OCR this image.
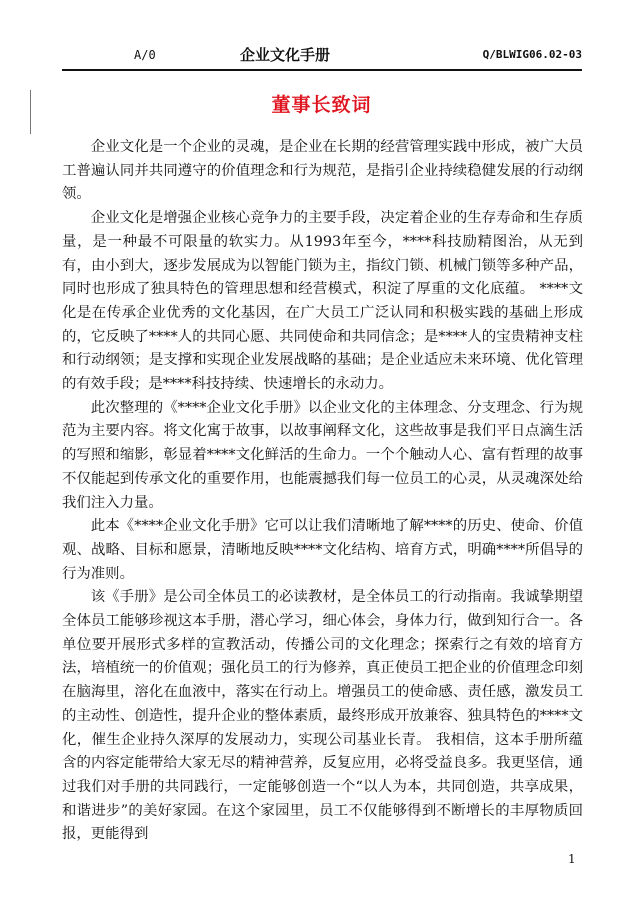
A/0	企业文化手册	Q/BLWIG06.02-03
董事长致词

企业文化是一个企业的灵魂，是企业在长期的经营管理实践中形成，被广大员工普遍认同并共同遵守的价值理念和行为规范，是指引企业持续稳健发展的行动纲领。

企业文化是增强企业核心竞争力的主要手段，决定着企业的生存寿命和生存质量，是一种最不可限量的软实力。从1993年至今，****科技励精图治，从无到有，由小到大，逐步发展成为以智能门锁为主，指纹门锁、机械门锁等多种产品，同时也形成了独具特色的管理思想和经营模式，积淀了厚重的文化底蕴。 ****文化是在传承企业优秀的文化基因，在广大员工广泛认同和积极实践的基础上形成的，它反映了****人的共同心愿、共同使命和共同信念；是****人的宝贵精神支柱和行动纲领；是支撑和实现企业发展战略的基础；是企业适应未来环境、优化管理的有效手段；是****科技持续、快速增长的永动力。

此次整理的《****企业文化手册》以企业文化的主体理念、分支理念、行为规范为主要内容。将文化寓于故事，以故事阐释文化，这些故事是我们平日点滴生活的写照和缩影，彰显着****文化鲜活的生命力。一个个触动人心、富有哲理的故事不仅能起到传承文化的重要作用，也能震撼我们每一位员工的心灵，从灵魂深处给我们注入力量。

此本《****企业文化手册》它可以让我们清晰地了解****的历史、使命、价值观、战略、目标和愿景，清晰地反映****文化结构、培育方式，明确****所倡导的行为准则。

该《手册》是公司全体员工的必读教材，是全体员工的行动指南。我诚挚期望全体员工能够珍视这本手册，潜心学习，细心体会，身体力行，做到知行合一。各单位要开展形式多样的宣教活动，传播公司的文化理念；探索行之有效的培育方法，培植统一的价值观；强化员工的行为修养，真正使员工把企业的价值理念印刻在脑海里，溶化在血液中，落实在行动上。增强员工的使命感、责任感，激发员工的主动性、创造性，提升企业的整体素质，最终形成开放兼容、独具特色的****文化，催生企业持久深厚的发展动力，实现公司基业长青。 我相信，这本手册所蕴含的内容定能带给大家无尽的精神营养，反复应用，必将受益良多。我更坚信，通过我们对手册的共同践行，一定能够创造一个“以人为本，共同创造，共享成果，和谐进步”的美好家园。在这个家园里，员工不仅能够得到不断增长的丰厚物质回报，更能得到

1
